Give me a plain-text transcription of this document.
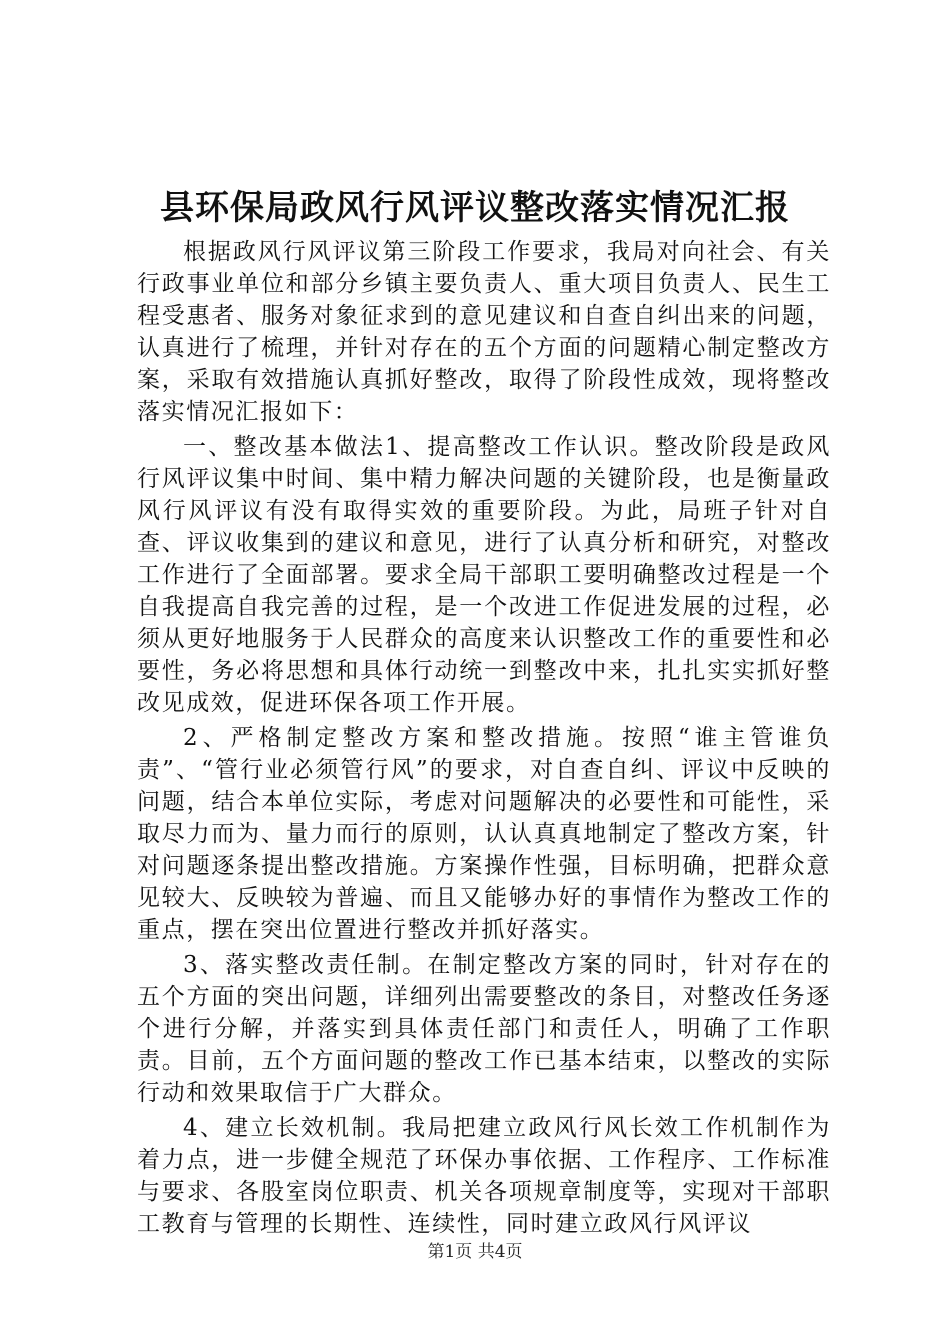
县环保局政风行风评议整改落实情况汇报

根据政风行风评议第三阶段工作要求，我局对向社会、有关行政事业单位和部分乡镇主要负责人、重大项目负责人、民生工程受惠者、服务对象征求到的意见建议和自查自纠出来的问题，认真进行了梳理，并针对存在的五个方面的问题精心制定整改方案，采取有效措施认真抓好整改，取得了阶段性成效，现将整改落实情况汇报如下：

一、整改基本做法1、提高整改工作认识。整改阶段是政风行风评议集中时间、集中精力解决问题的关键阶段，也是衡量政风行风评议有没有取得实效的重要阶段。为此，局班子针对自查、评议收集到的建议和意见，进行了认真分析和研究，对整改工作进行了全面部署。要求全局干部职工要明确整改过程是一个自我提高自我完善的过程，是一个改进工作促进发展的过程，必须从更好地服务于人民群众的高度来认识整改工作的重要性和必要性，务必将思想和具体行动统一到整改中来，扎扎实实抓好整改见成效，促进环保各项工作开展。

2、严格制定整改方案和整改措施。按照“谁主管谁负责”、“管行业必须管行风”的要求，对自查自纠、评议中反映的问题，结合本单位实际，考虑对问题解决的必要性和可能性，采取尽力而为、量力而行的原则，认认真真地制定了整改方案，针对问题逐条提出整改措施。方案操作性强，目标明确，把群众意见较大、反映较为普遍、而且又能够办好的事情作为整改工作的重点，摆在突出位置进行整改并抓好落实。

3、落实整改责任制。在制定整改方案的同时，针对存在的五个方面的突出问题，详细列出需要整改的条目，对整改任务逐个进行分解，并落实到具体责任部门和责任人，明确了工作职责。目前，五个方面问题的整改工作已基本结束，以整改的实际行动和效果取信于广大群众。

4、建立长效机制。我局把建立政风行风长效工作机制作为着力点，进一步健全规范了环保办事依据、工作程序、工作标准与要求、各股室岗位职责、机关各项规章制度等，实现对干部职工教育与管理的长期性、连续性，同时建立政风行风评议

第1页 共4页
